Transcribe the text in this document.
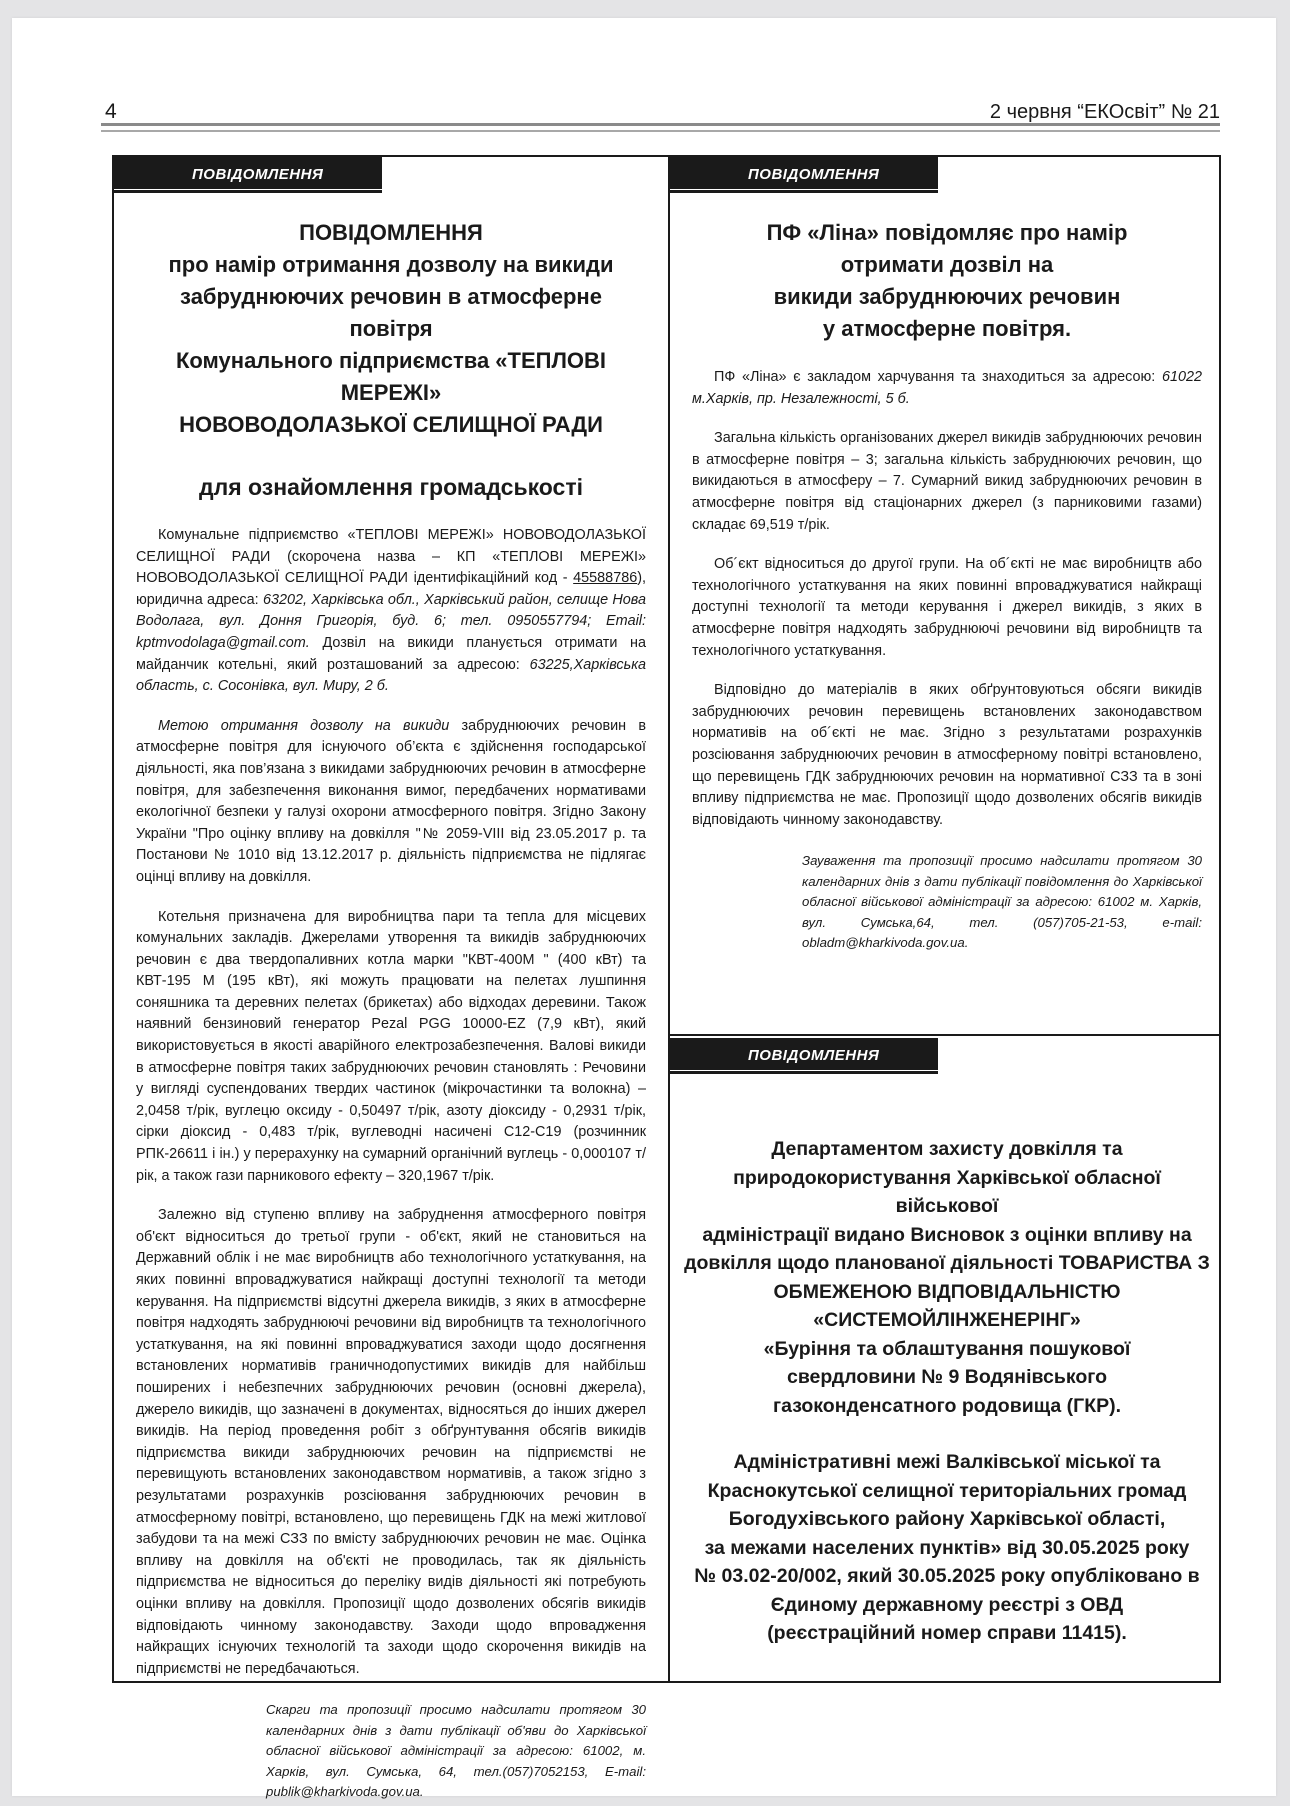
4	2 червня “ЕКОсвіт” № 21
ПОВІДОМЛЕННЯ
ПОВІДОМЛЕННЯ
про намір отримання дозволу на викиди
забруднюючих речовин в атмосферне повітря
Комунального підприємства «ТЕПЛОВІ МЕРЕЖІ»
НОВОВОДОЛАЗЬКОЇ СЕЛИЩНОЇ РАДИ
для ознайомлення громадськості

Комунальне підприємство «ТЕПЛОВІ МЕРЕЖІ» НОВОВОДОЛАЗЬКОЇ СЕЛИЩНОЇ РАДИ (скорочена назва – КП «ТЕПЛОВІ МЕРЕЖІ» НОВОВОДОЛАЗЬКОЇ СЕЛИЩНОЇ РАДИ ідентифікаційний код - 45588786), юридична адреса: 63202, Харківська обл., Харківський район, селище Нова Водолага, вул. Доння Григорія, буд. 6; тел. 0950557794; Email: kptmvodolaga@gmail.com. Дозвіл на викиди планується отримати на майданчик котельні, який розташований за адресою: 63225,Харківська область, с. Сосонівка, вул. Миру, 2 б.

Метою отримання дозволу на викиди забруднюючих речовин в атмосферне повітря для існуючого об’єкта є здійснення господарської діяльності, яка пов’язана з викидами забруднюючих речовин в атмосферне повітря, для забезпечення виконання вимог, передбачених нормативами екологічної безпеки у галузі охорони атмосферного повітря. Згідно Закону України "Про оцінку впливу на довкілля "№ 2059-VIII від 23.05.2017 р. та Постанови № 1010 від 13.12.2017 р. діяльність підприємства не підлягає оцінці впливу на довкілля.

Котельня призначена для виробництва пари та тепла для місцевих комунальних закладів. Джерелами утворення та викидів забруднюючих речовин є два твердопаливних котла марки "КВТ-400М " (400 кВт) та КВТ-195 М (195 кВт), які можуть працювати на пелетах лушпиння соняшника та деревних пелетах (брикетах) або відходах деревини. Також наявний бензиновий генератор Pezal PGG 10000-EZ (7,9 кВт), який використовується в якості аварійного електрозабезпечення. Валові викиди в атмосферне повітря таких забруднюючих речовин становлять : Речовини у вигляді суспендованих твердих частинок (мікрочастинки та волокна) – 2,0458 т/рік, вуглецю оксиду - 0,50497 т/рік, азоту діоксиду - 0,2931 т/рік, сірки діоксид - 0,483 т/рік, вуглеводні насичені С12-С19 (розчинник РПК-26611 і ін.) у перерахунку на сумарний органічний вуглець - 0,000107 т/рік, а також гази парникового ефекту – 320,1967 т/рік.

Залежно від ступеню впливу на забруднення атмосферного повітря об'єкт відноситься до третьої групи - об'єкт, який не становиться на Державний облік і не має виробництв або технологічного устаткування, на яких повинні впроваджуватися найкращі доступні технології та методи керування. На підприємстві відсутні джерела викидів, з яких в атмосферне повітря надходять забруднюючі речовини від виробництв та технологічного устаткування, на які повинні впроваджуватися заходи щодо досягнення встановлених нормативів граничнодопустимих викидів для найбільш поширених і небезпечних забруднюючих речовин (основні джерела), джерело викидів, що зазначені в документах, відносяться до інших джерел викидів. На період проведення робіт з обґрунтування обсягів викидів підприємства викиди забруднюючих речовин на підприємстві не перевищують встановлених законодавством нормативів, а також згідно з результатами розрахунків розсіювання забруднюючих речовин в атмосферному повітрі, встановлено, що перевищень ГДК на межі житлової забудови та на межі СЗЗ по вмісту забруднюючих речовин не має. Оцінка впливу на довкілля на об'єкті не проводилась, так як діяльність підприємства не відноситься до переліку видів діяльності які потребують оцінки впливу на довкілля. Пропозиції щодо дозволених обсягів викидів відповідають чинному законодавству. Заходи щодо впровадження найкращих існуючих технологій та заходи щодо скорочення викидів на підприємстві не передбачаються.

Скарги та пропозиції просимо надсилати протягом 30 календарних днів з дати публікації об'яви до Харківської обласної військової адміністрації за адресою: 61002, м. Харків, вул. Сумська, 64, тел.(057)7052153, E-mail: publik@kharkivoda.gov.ua.
ПОВІДОМЛЕННЯ
ПФ «Ліна» повідомляє про намір
отримати дозвіл на
викиди забруднюючих речовин
у атмосферне повітря.

ПФ «Ліна» є закладом харчування та знаходиться за адресою: 61022 м.Харків, пр. Незалежності, 5 б.

Загальна кількість організованих джерел викидів забруднюючих речовин в атмосферне повітря – 3; загальна кількість забруднюючих речовин, що викидаються в атмосферу – 7. Сумарний викид забруднюючих речовин в атмосферне повітря від стаціонарних джерел (з парниковими газами) складає 69,519 т/рік.

Об´єкт відноситься до другої групи. На об´єкті не має виробництв або технологічного устаткування на яких повинні впроваджуватися найкращі доступні технології та методи керування і джерел викидів, з яких в атмосферне повітря надходять забруднюючі речовини від виробництв та технологічного устаткування.

Відповідно до матеріалів в яких обґрунтовуються обсяги викидів забруднюючих речовин перевищень встановлених законодавством нормативів на об´єкті не має. Згідно з результатами розрахунків розсіювання забруднюючих речовин в атмосферному повітрі встановлено, що перевищень ГДК забруднюючих речовин на нормативної СЗЗ та в зоні впливу підприємства не має. Пропозиції щодо дозволених обсягів викидів відповідають чинному законодавству.

Зауваження та пропозиції просимо надсилати протягом 30 календарних днів з дати публікації повідомлення до Харківської обласної військової адміністрації за адресою: 61002 м. Харків, вул. Сумська,64, тел. (057)705-21-53, e-mail: obladm@kharkivoda.gov.ua.
ПОВІДОМЛЕННЯ
Департаментом захисту довкілля та
природокористування Харківської обласної військової
адміністрації видано Висновок з оцінки впливу на
довкілля щодо планованої діяльності ТОВАРИСТВА З
ОБМЕЖЕНОЮ ВІДПОВІДАЛЬНІСТЮ
«СИСТЕМОЙЛІНЖЕНЕРІНГ»
«Буріння та облаштування пошукової
свердловини № 9 Водянівського
газоконденсатного родовища (ГКР).
Адміністративні межі Валківської міської та
Краснокутської селищної територіальних громад
Богодухівського району Харківської області,
за межами населених пунктів» від 30.05.2025 року
№ 03.02-20/002, який 30.05.2025 року опубліковано в
Єдиному державному реєстрі з ОВД
(реєстраційний номер справи 11415).
